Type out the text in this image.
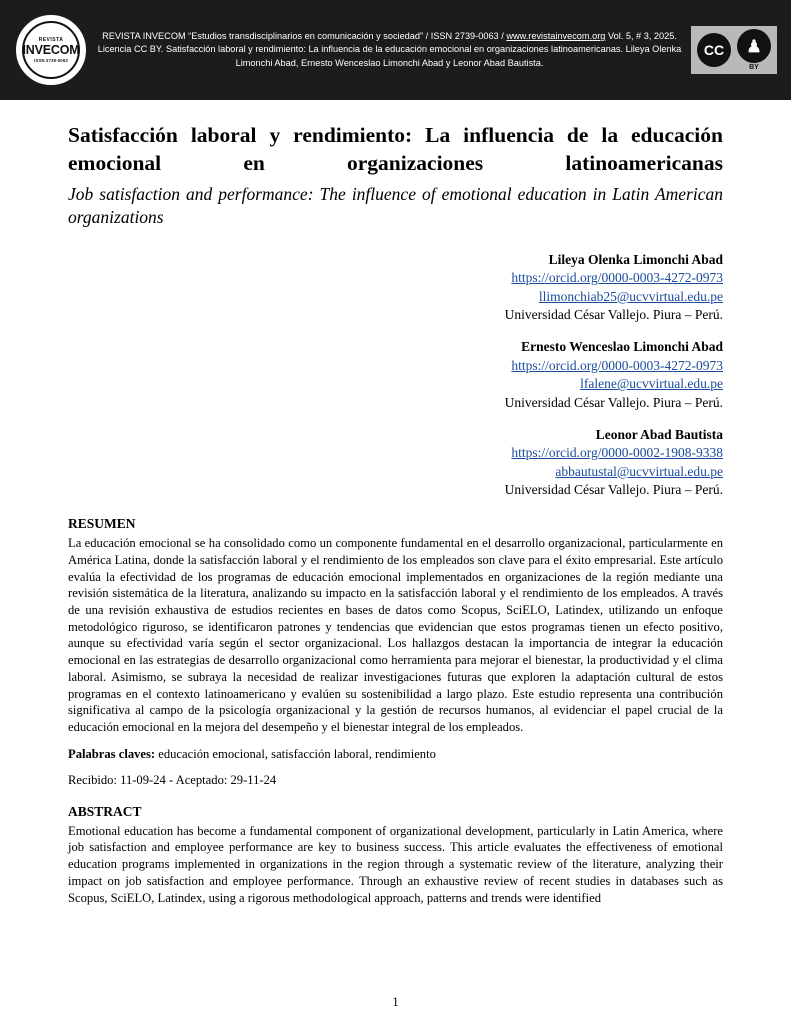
REVISTA
INVECOM
ISSN 2739-0063
REVISTA INVECOM “Estudios transdisciplinarios en comunicación y sociedad” / ISSN 2739-0063 / www.revistainvecom.org Vol. 5, # 3, 2025. Licencia CC BY. Satisfacción laboral y rendimiento: La influencia de la educación emocional en organizaciones latinoamericanas. Lileya Olenka Limonchi Abad, Ernesto Wenceslao Limonchi Abad y Leonor Abad Bautista.
CC	♟
BY
Satisfacción laboral y rendimiento: La influencia de la educación emocional en organizaciones latinoamericanas
Job satisfaction and performance: The influence of emotional education in Latin American organizations
Lileya Olenka Limonchi Abad
https://orcid.org/0000-0003-4272-0973
llimonchiab25@ucvvirtual.edu.pe
Universidad César Vallejo. Piura – Perú.
Ernesto Wenceslao Limonchi Abad
https://orcid.org/0000-0003-4272-0973
lfalene@ucvvirtual.edu.pe
Universidad César Vallejo. Piura – Perú.
Leonor Abad Bautista
https://orcid.org/0000-0002-1908-9338
abbautustal@ucvvirtual.edu.pe
Universidad César Vallejo. Piura – Perú.
RESUMEN

La educación emocional se ha consolidado como un componente fundamental en el desarrollo organizacional, particularmente en América Latina, donde la satisfacción laboral y el rendimiento de los empleados son clave para el éxito empresarial. Este artículo evalúa la efectividad de los programas de educación emocional implementados en organizaciones de la región mediante una revisión sistemática de la literatura, analizando su impacto en la satisfacción laboral y el rendimiento de los empleados. A través de una revisión exhaustiva de estudios recientes en bases de datos como Scopus, SciELO, Latindex, utilizando un enfoque metodológico riguroso, se identificaron patrones y tendencias que evidencian que estos programas tienen un efecto positivo, aunque su efectividad varía según el sector organizacional. Los hallazgos destacan la importancia de integrar la educación emocional en las estrategias de desarrollo organizacional como herramienta para mejorar el bienestar, la productividad y el clima laboral. Asimismo, se subraya la necesidad de realizar investigaciones futuras que exploren la adaptación cultural de estos programas en el contexto latinoamericano y evalúen su sostenibilidad a largo plazo. Este estudio representa una contribución significativa al campo de la psicología organizacional y la gestión de recursos humanos, al evidenciar el papel crucial de la educación emocional en la mejora del desempeño y el bienestar integral de los empleados.

Palabras claves: educación emocional, satisfacción laboral, rendimiento
Recibido: 11-09-24 - Aceptado: 29-11-24
ABSTRACT

Emotional education has become a fundamental component of organizational development, particularly in Latin America, where job satisfaction and employee performance are key to business success. This article evaluates the effectiveness of emotional education programs implemented in organizations in the region through a systematic review of the literature, analyzing their impact on job satisfaction and employee performance. Through an exhaustive review of recent studies in databases such as Scopus, SciELO, Latindex, using a rigorous methodological approach, patterns and trends were identified

1
